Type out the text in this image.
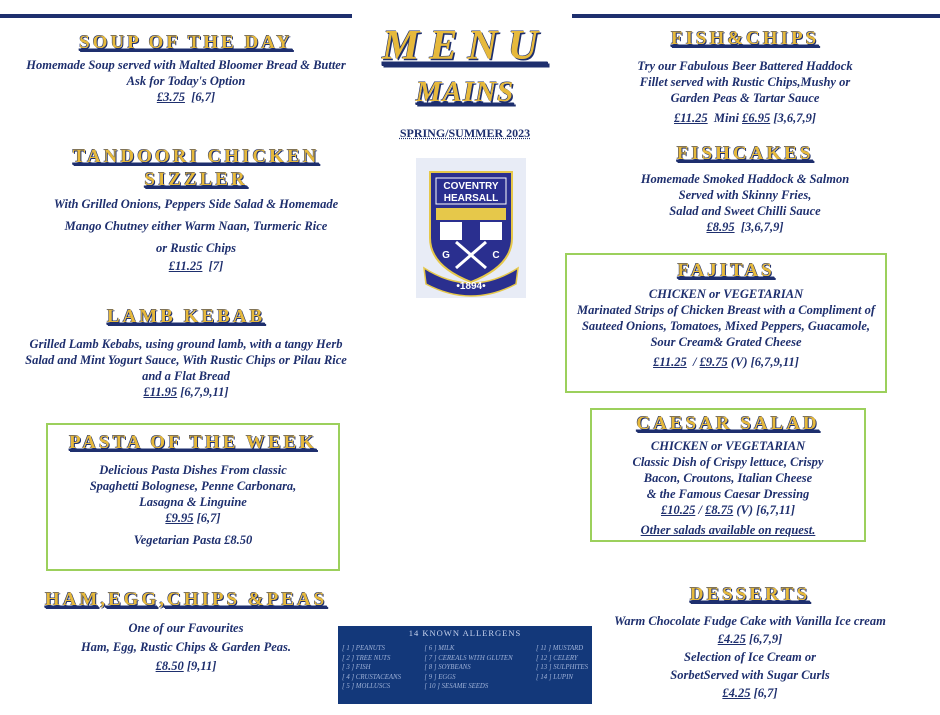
MENU
MAINS
SPRING/SUMMER 2023
COVENTRY
HEARSALL
G	C
•1894•
SOUP OF THE DAY

Homemade Soup served with Malted Bloomer Bread & Butter

Ask for Today's Option

£3.75 [6,7]

TANDOORI CHICKEN
SIZZLER

With Grilled Onions, Peppers Side Salad & Homemade

Mango Chutney either Warm Naan, Turmeric Rice

or Rustic Chips

£11.25 [7]

LAMB KEBAB

Grilled Lamb Kebabs, using ground lamb, with a tangy Herb

Salad and Mint Yogurt Sauce, With Rustic Chips or Pilau Rice

and a Flat Bread

£11.95 [6,7,9,11]

PASTA OF THE WEEK

Delicious Pasta Dishes From classic

Spaghetti Bolognese, Penne Carbonara,

Lasagna & Linguine

£9.95 [6,7]

Vegetarian Pasta £8.50

HAM,EGG,CHIPS &PEAS

One of our Favourites

Ham, Egg, Rustic Chips & Garden Peas.

£8.50 [9,11]

FISH&CHIPS

Try our Fabulous Beer Battered Haddock

Fillet served with Rustic Chips,Mushy or

Garden Peas & Tartar Sauce

£11.25 Mini £6.95 [3,6,7,9]

FISHCAKES

Homemade Smoked Haddock & Salmon

Served with Skinny Fries,

Salad and Sweet Chilli Sauce

£8.95 [3,6,7,9]

FAJITAS

CHICKEN or VEGETARIAN

Marinated Strips of Chicken Breast with a Compliment of

Sauteed Onions, Tomatoes, Mixed Peppers, Guacamole,

Sour Cream& Grated Cheese

£11.25  / £9.75 (V) [6,7,9,11]

CAESAR SALAD

CHICKEN or VEGETARIAN

Classic Dish of Crispy lettuce, Crispy

Bacon, Croutons, Italian Cheese

& the Famous Caesar Dressing

£10.25 / £8.75 (V) [6,7,11]

Other salads available on request.

DESSERTS

Warm Chocolate Fudge Cake with Vanilla Ice cream

£4.25 [6,7,9]

Selection of Ice Cream or

SorbetServed with Sugar Curls

£4.25 [6,7]

14 KNOWN ALLERGENS
[ 1 ] PEANUTS
[ 2 ] TREE NUTS
[ 3 ] FISH
[ 4 ] CRUSTACEANS
[ 5 ] MOLLUSCS
[ 6 ] MILK
[ 7 ] CEREALS WITH GLUTEN
[ 8 ] SOYBEANS
[ 9 ] EGGS
[ 10 ] SESAME SEEDS
[ 11 ] MUSTARD
[ 12 ] CELERY
[ 13 ] SULPHITES
[ 14 ] LUPIN
